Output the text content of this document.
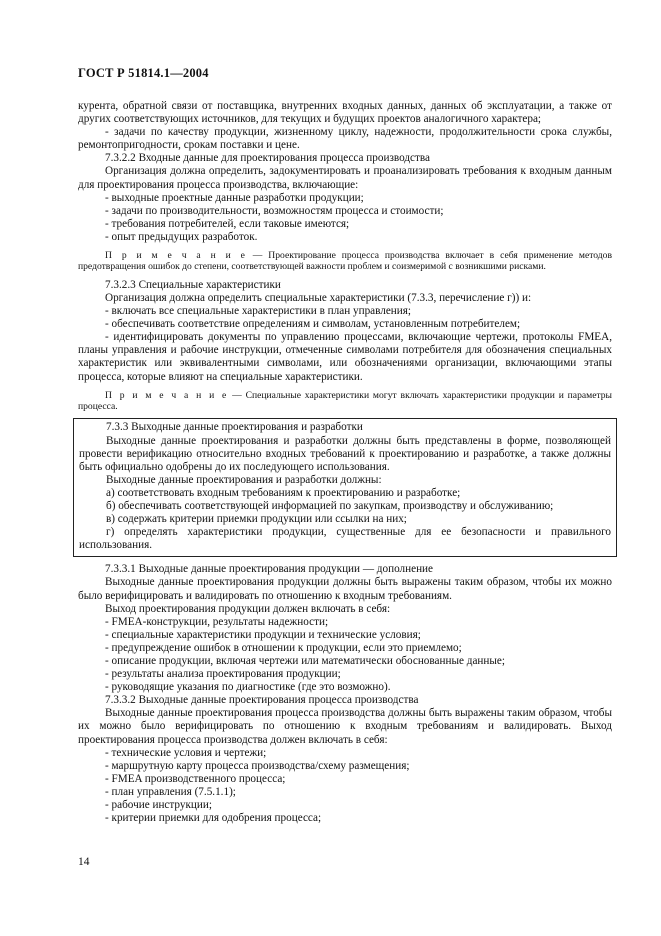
ГОСТ Р 51814.1—2004

курента, обратной связи от поставщика, внутренних входных данных, данных об эксплуатации, а также от других соответствующих источников, для текущих и будущих проектов аналогичного характера;

- задачи по качеству продукции, жизненному циклу, надежности, продолжительности срока службы, ремонтопригодности, срокам поставки и цене.

7.3.2.2 Входные данные для проектирования процесса производства

Организация должна определить, задокументировать и проанализировать требования к входным данным для проектирования процесса производства, включающие:

- выходные проектные данные разработки продукции;

- задачи по производительности, возможностям процесса и стоимости;

- требования потребителей, если таковые имеются;

- опыт предыдущих разработок.

П р и м е ч а н и е — Проектирование процесса производства включает в себя применение методов предотвращения ошибок до степени, соответствующей важности проблем и соизмеримой с возникшими рисками.

7.3.2.3 Специальные характеристики

Организация должна определить специальные характеристики (7.3.3, перечисление г)) и:

- включать все специальные характеристики в план управления;

- обеспечивать соответствие определениям и символам, установленным потребителем;

- идентифицировать документы по управлению процессами, включающие чертежи, протоколы FMEA, планы управления и рабочие инструкции, отмеченные символами потребителя для обозначения специальных характеристик или эквивалентными символами, или обозначениями организации, включающими этапы процесса, которые влияют на специальные характеристики.

П р и м е ч а н и е — Специальные характеристики могут включать характеристики продукции и параметры процесса.

7.3.3 Выходные данные проектирования и разработки

Выходные данные проектирования и разработки должны быть представлены в форме, позволяющей провести верификацию относительно входных требований к проектированию и разработке, а также должны быть официально одобрены до их последующего использования.

Выходные данные проектирования и разработки должны:

а) соответствовать входным требованиям к проектированию и разработке;

б) обеспечивать соответствующей информацией по закупкам, производству и обслуживанию;

в) содержать критерии приемки продукции или ссылки на них;

г) определять характеристики продукции, существенные для ее безопасности и правильного использования.

7.3.3.1 Выходные данные проектирования продукции — дополнение

Выходные данные проектирования продукции должны быть выражены таким образом, чтобы их можно было верифицировать и валидировать по отношению к входным требованиям.

Выход проектирования продукции должен включать в себя:

- FMEA-конструкции, результаты надежности;

- специальные характеристики продукции и технические условия;

- предупреждение ошибок в отношении к продукции, если это приемлемо;

- описание продукции, включая чертежи или математически обоснованные данные;

- результаты анализа проектирования продукции;

- руководящие указания по диагностике (где это возможно).

7.3.3.2 Выходные данные проектирования процесса производства

Выходные данные проектирования процесса производства должны быть выражены таким образом, чтобы их можно было верифицировать по отношению к входным требованиям и валидировать. Выход проектирования процесса производства должен включать в себя:

- технические условия и чертежи;

- маршрутную карту процесса производства/схему размещения;

- FMEA производственного процесса;

- план управления (7.5.1.1);

- рабочие инструкции;

- критерии приемки для одобрения процесса;

14
